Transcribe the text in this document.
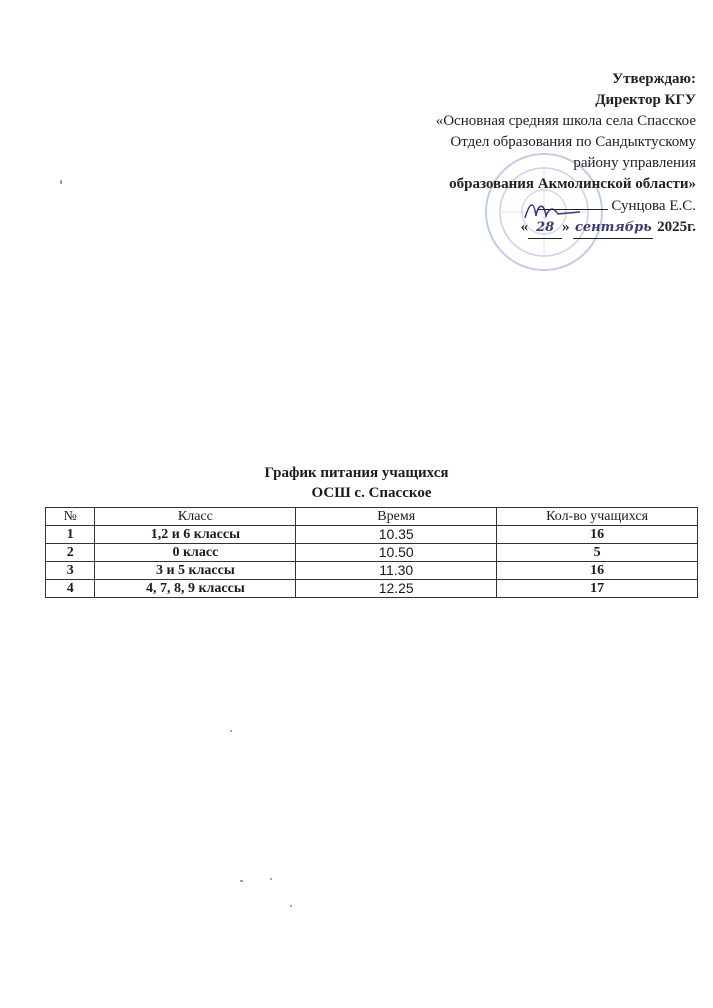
Утверждаю:
Директор КГУ
«Основная средняя школа села Спасское
Отдел образования по Сандыктускому
району управления
образования Акмолинской области»
Сунцова Е.С.
« 28 » сентябрь 2025г.
График питания учащихся
ОСШ с. Спасское
№	Класс	Время	Кол-во учащихся
1	1,2 и 6 классы	10.35	16
2	0 класс	10.50	5
3	3 и 5 классы	11.30	16
4	4, 7, 8, 9 классы	12.25	17
